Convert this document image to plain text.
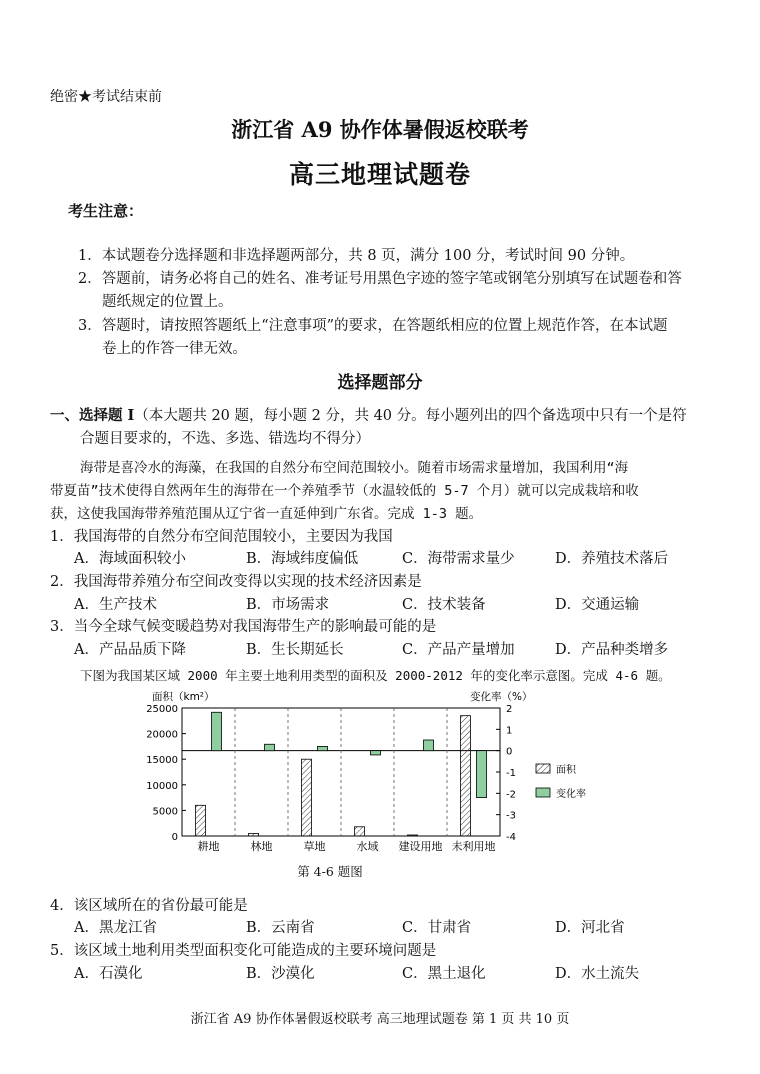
绝密★考试结束前
浙江省 A9 协作体暑假返校联考
高三地理试题卷
考生注意：
1．本试题卷分选择题和非选择题两部分，共 8 页，满分 100 分，考试时间 90 分钟。
2．答题前，请务必将自己的姓名、准考证号用黑色字迹的签字笔或钢笔分别填写在试题卷和答
题纸规定的位置上。
3．答题时，请按照答题纸上“注意事项”的要求，在答题纸相应的位置上规范作答，在本试题
卷上的作答一律无效。
选择题部分
一、选择题 Ⅰ（本大题共 20 题，每小题 2 分，共 40 分。每小题列出的四个备选项中只有一个是符
合题目要求的，不选、多选、错选均不得分）
海带是喜冷水的海藻，在我国的自然分布空间范围较小。随着市场需求量增加，我国利用“海
带夏苗”技术使得自然两年生的海带在一个养殖季节（水温较低的 5-7 个月）就可以完成栽培和收
获，这使我国海带养殖范围从辽宁省一直延伸到广东省。完成 1-3 题。
1．我国海带的自然分布空间范围较小，主要因为我国
A．海域面积较小	B．海域纬度偏低	C．海带需求量少	D．养殖技术落后
2．我国海带养殖分布空间改变得以实现的技术经济因素是
A．生产技术	B．市场需求	C．技术装备	D．交通运输
3．当今全球气候变暖趋势对我国海带生产的影响最可能的是
A．产品品质下降	B．生长期延长	C．产品产量增加	D．产品种类增多
下图为我国某区域 2000 年主要土地利用类型的面积及 2000-2012 年的变化率示意图。完成 4-6 题。
0
5000
10000
15000
20000
25000
-4
-3
-2
-1
0
1
2
面积（km²）	变化率（%）
耕地	林地	草地	水域 建设用地 未利用地
面积
变化率
第 4-6 题图
4．该区域所在的省份最可能是
A．黑龙江省	B．云南省	C．甘肃省	D．河北省
5．该区域土地利用类型面积变化可能造成的主要环境问题是
A．石漠化	B．沙漠化	C．黑土退化	D．水土流失
浙江省 A9 协作体暑假返校联考 高三地理试题卷 第 1 页 共 10 页
